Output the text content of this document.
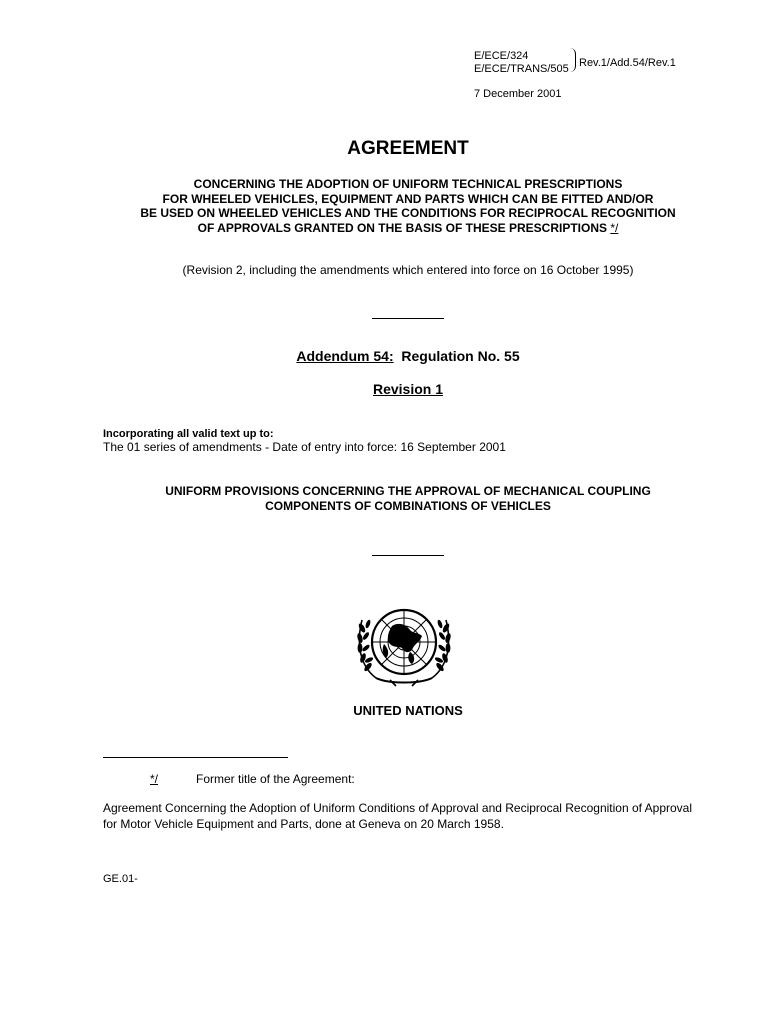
E/ECE/324
E/ECE/TRANS/505 Rev.1/Add.54/Rev.1
7 December 2001
AGREEMENT
CONCERNING THE ADOPTION OF UNIFORM TECHNICAL PRESCRIPTIONS
FOR WHEELED VEHICLES, EQUIPMENT AND PARTS WHICH CAN BE FITTED AND/OR
BE USED ON WHEELED VEHICLES AND THE CONDITIONS FOR RECIPROCAL RECOGNITION
OF APPROVALS GRANTED ON THE BASIS OF THESE PRESCRIPTIONS */
(Revision 2, including the amendments which entered into force on 16 October 1995)
Addendum 54: Regulation No. 55
Revision 1
Incorporating all valid text up to:
The 01 series of amendments - Date of entry into force: 16 September 2001
UNIFORM PROVISIONS CONCERNING THE APPROVAL OF MECHANICAL COUPLING
COMPONENTS OF COMBINATIONS OF VEHICLES
UNITED NATIONS
*/	Former title of the Agreement:
Agreement Concerning the Adoption of Uniform Conditions of Approval and Reciprocal Recognition of Approval for Motor Vehicle Equipment and Parts, done at Geneva on 20 March 1958.
GE.01-
